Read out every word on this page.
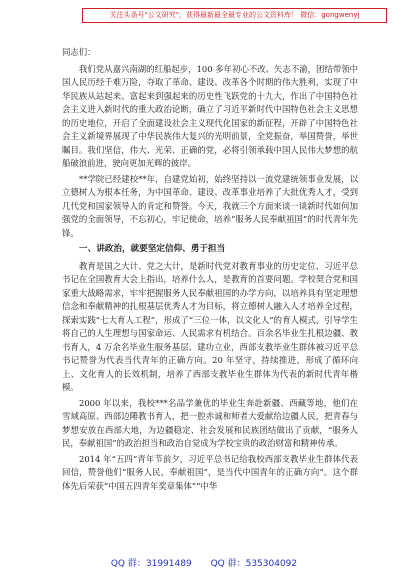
关注头条号"公文研究"，获得最新最全最专业的公文资料库！ 微信：gongwenyj

同志们：

我们党从嘉兴南湖的红船起步，100 多年初心不改、矢志不渝，团结带领中国人民历经千难万险，夺取了革命、建设、改革各个时期的伟大胜利，实现了中华民族从站起来、富起来到强起来的历史性飞跃党的十九大，作出了中国特色社会主义进入新时代的重大政治论断，确立了习近平新时代中国特色社会主义思想的历史地位，开启了全面建设社会主义现代化国家的新征程，开辟了中国特色社会主义新境界展现了中华民族伟大复兴的光明前景，全党振奋，举国赞誉，举世瞩目。我们坚信，伟大、光荣、正确的党，必将引领承载中国人民伟大梦想的航船破浪前进，驶向更加光辉的彼岸。

**学院已经建校**年，自建党始初，始终坚持以一流党建统领事业发展，以立德树人为根本任务，为中国革命、建设、改革事业培养了大批优秀人才，受到几代党和国家领导人的肯定和赞誉。今天，我就三个方面来谈一谈新时代如何加强党的全面领导，不忘初心，牢记使命，培养“服务人民奉献祖国”的时代青年先锋。

一、讲政治，就要坚定信仰、勇于担当

教育是国之大计、党之大计，是新时代党对教育事业的历史定位、习近平总书记在全国教育大会上指出，培养什么人，是教育的首要问题。学校契合党和国家重大战略需求，牢牢把握服务人民奉献祖国的办学方向，以培养具有坚定理想信念和奉献精神的扎根基层优秀人才为目标，将立德树人融入人才培养全过程，探索实践“七大育人工程”，形成了“三位一体，以文化人”的育人模式，引导学生将自己的人生理想与国家命运、人民需求有机结合。百余名毕业生扎根边疆、教书育人，4 万余名毕业生服务基层、建功立业，西部支教毕业生群体被习近平总书记赞誉为代表当代青年的正确方向。20 年坚守，持续推进，形成了循环向上、文化育人的长效机制，培养了西部支教毕业生群体为代表的新时代青年楷模。

2000 年以来，我校***名品学兼优的毕业生奔赴新疆、西藏等地，他们在雪域高原、西部边陲教书育人，把一腔赤诚和师者大爱献给边疆人民，把青春与梦想安放在西部大地，为边疆稳定、社会发展和民族团结做出了贡献，“服务人民，奉献祖国”的政治担当和政治自觉成为学校宝贵的政治财富和精神传承。

2014 年“五四”青年节前夕，习近平总书记给我校西部支教毕业生群体代表回信，赞誉他们“服务人民，奉献祖国”，是当代中国青年的正确方向”。这个群体先后荣获“中国五四青年奖章集体”“中华

QQ 群：31991489 QQ 群：535304092
